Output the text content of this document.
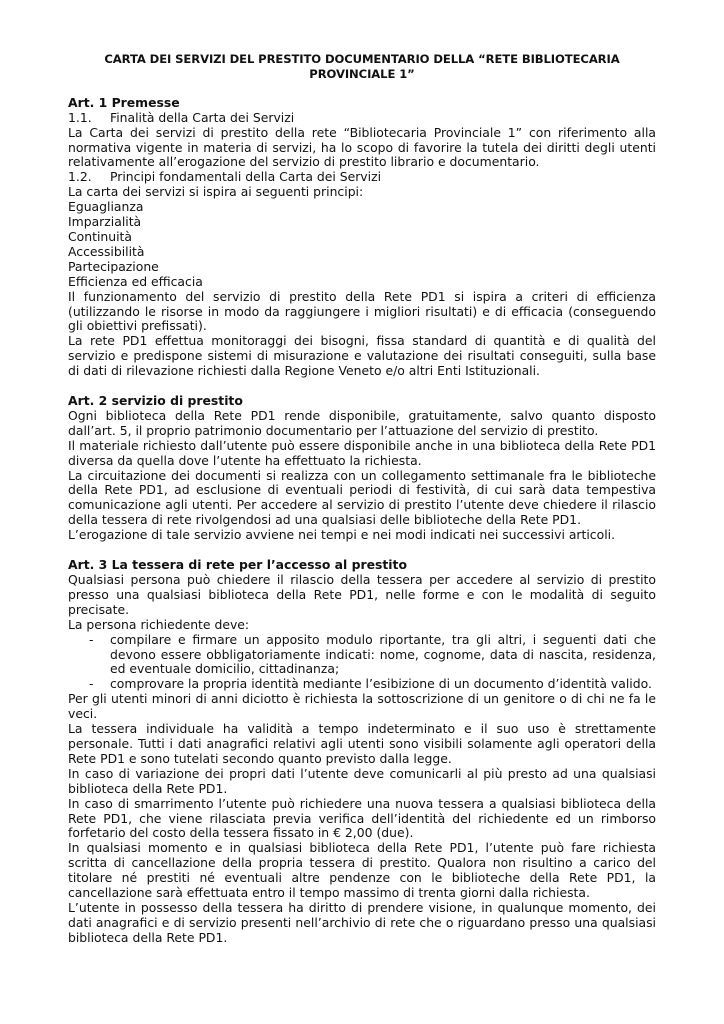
CARTA DEI SERVIZI DEL PRESTITO DOCUMENTARIO DELLA “RETE BIBLIOTECARIA PROVINCIALE 1”

Art. 1 Premesse

1.1.	Finalità della Carta dei Servizi

La Carta dei servizi di prestito della rete “Bibliotecaria Provinciale 1” con riferimento alla normativa vigente in materia di servizi, ha lo scopo di favorire la tutela dei diritti degli utenti relativamente all’erogazione del servizio di prestito librario e documentario.

1.2.	Principi fondamentali della Carta dei Servizi

La carta dei servizi si ispira ai seguenti principi:

Eguaglianza

Imparzialità

Continuità

Accessibilità

Partecipazione

Efficienza ed efficacia

Il funzionamento del servizio di prestito della Rete PD1 si ispira a criteri di efficienza (utilizzando le risorse in modo da raggiungere i migliori risultati) e di efficacia (conseguendo gli obiettivi prefissati).

La rete PD1 effettua monitoraggi dei bisogni, fissa standard di quantità e di qualità del servizio e predispone sistemi di misurazione e valutazione dei risultati conseguiti, sulla base di dati di rilevazione richiesti dalla Regione Veneto e/o altri Enti Istituzionali.

Art. 2 servizio di prestito

Ogni biblioteca della Rete PD1 rende disponibile, gratuitamente, salvo quanto disposto dall’art. 5, il proprio patrimonio documentario per l’attuazione del servizio di prestito.

Il materiale richiesto dall’utente può essere disponibile anche in una biblioteca della Rete PD1 diversa da quella dove l’utente ha effettuato la richiesta.

La circuitazione dei documenti si realizza con un collegamento settimanale fra le biblioteche della Rete PD1, ad esclusione di eventuali periodi di festività, di cui sarà data tempestiva comunicazione agli utenti. Per accedere al servizio di prestito l’utente deve chiedere il rilascio della tessera di rete rivolgendosi ad una qualsiasi delle biblioteche della Rete PD1.

L’erogazione di tale servizio avviene nei tempi e nei modi indicati nei successivi articoli.

Art. 3 La tessera di rete per l’accesso al prestito

Qualsiasi persona può chiedere il rilascio della tessera per accedere al servizio di prestito presso una qualsiasi biblioteca della Rete PD1, nelle forme e con le modalità di seguito precisate.

La persona richiedente deve:

-	compilare e firmare un apposito modulo riportante, tra gli altri, i seguenti dati che devono essere obbligatoriamente indicati: nome, cognome, data di nascita, residenza, ed eventuale domicilio, cittadinanza;
-	comprovare la propria identità mediante l’esibizione di un documento d’identità valido.

Per gli utenti minori di anni diciotto è richiesta la sottoscrizione di un genitore o di chi ne fa le veci.

La tessera individuale ha validità a tempo indeterminato e il suo uso è strettamente personale. Tutti i dati anagrafici relativi agli utenti sono visibili solamente agli operatori della Rete PD1 e sono tutelati secondo quanto previsto dalla legge.

In caso di variazione dei propri dati l’utente deve comunicarli al più presto ad una qualsiasi biblioteca della Rete PD1.

In caso di smarrimento l’utente può richiedere una nuova tessera a qualsiasi biblioteca della Rete PD1, che viene rilasciata previa verifica dell’identità del richiedente ed un rimborso forfetario del costo della tessera fissato in € 2,00 (due).

In qualsiasi momento e in qualsiasi biblioteca della Rete PD1, l’utente può fare richiesta scritta di cancellazione della propria tessera di prestito. Qualora non risultino a carico del titolare né prestiti né eventuali altre pendenze con le biblioteche della Rete PD1, la cancellazione sarà effettuata entro il tempo massimo di trenta giorni dalla richiesta.

L’utente in possesso della tessera ha diritto di prendere visione, in qualunque momento, dei dati anagrafici e di servizio presenti nell’archivio di rete che o riguardano presso una qualsiasi biblioteca della Rete PD1.
